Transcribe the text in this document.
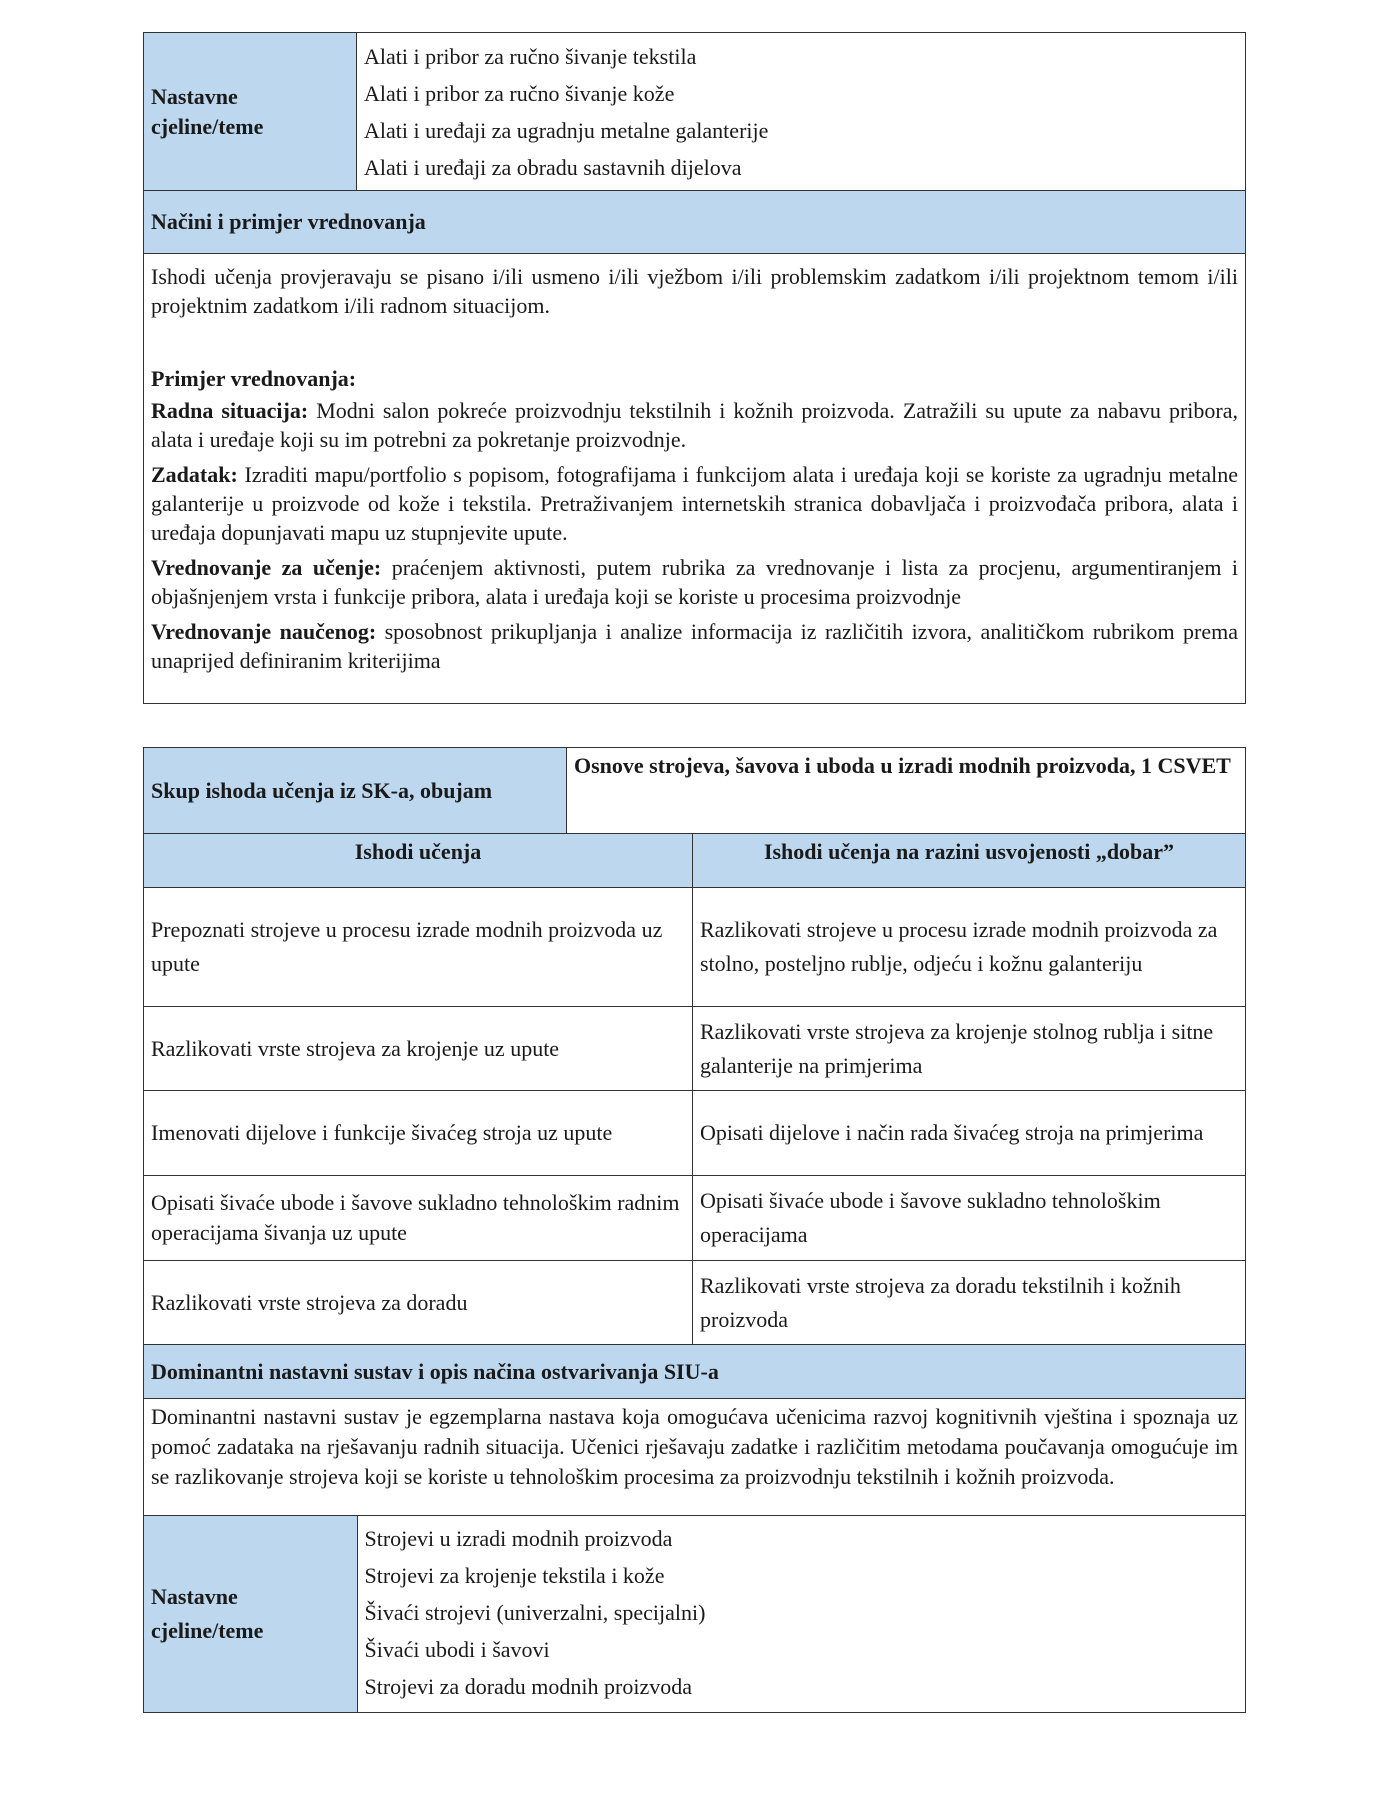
Nastavne cjeline/teme	
Alati i pribor za ručno šivanje tekstila
Alati i pribor za ručno šivanje kože
Alati i uređaji za ugradnju metalne galanterije
Alati i uređaji za obradu sastavnih dijelova

Načini i primjer vrednovanja

Ishodi učenja provjeravaju se pisano i/ili usmeno i/ili vježbom i/ili problemskim zadatkom i/ili projektnom temom i/ili projektnim zadatkom i/ili radnom situacijom.

Primjer vrednovanja:

Radna situacija: Modni salon pokreće proizvodnju tekstilnih i kožnih proizvoda. Zatražili su upute za nabavu pribora, alata i uređaje koji su im potrebni za pokretanje proizvodnje.

Zadatak: Izraditi mapu/portfolio s popisom, fotografijama i funkcijom alata i uređaja koji se koriste za ugradnju metalne galanterije u proizvode od kože i tekstila. Pretraživanjem internetskih stranica dobavljača i proizvođača pribora, alata i uređaja dopunjavati mapu uz stupnjevite upute.

Vrednovanje za učenje: praćenjem aktivnosti, putem rubrika za vrednovanje i lista za procjenu, argumentiranjem i objašnjenjem vrsta i funkcije pribora, alata i uređaja koji se koriste u procesima proizvodnje

Vrednovanje naučenog: sposobnost prikupljanja i analize informacija iz različitih izvora, analitičkom rubrikom prema unaprijed definiranim kriterijima

Skup ishoda učenja iz SK-a, obujam	Osnove strojeva, šavova i uboda u izradi modnih proizvoda, 1 CSVET
Ishodi učenja	Ishodi učenja na razini usvojenosti „dobar”
Prepoznati strojeve u procesu izrade modnih proizvoda uz upute	Razlikovati strojeve u procesu izrade modnih proizvoda za stolno, posteljno rublje, odjeću i kožnu galanteriju
Razlikovati vrste strojeva za krojenje uz upute	Razlikovati vrste strojeva za krojenje stolnog rublja i sitne galanterije na primjerima
Imenovati dijelove i funkcije šivaćeg stroja uz upute	Opisati dijelove i način rada šivaćeg stroja na primjerima
Opisati šivaće ubode i šavove sukladno tehnološkim radnim operacijama šivanja uz upute	Opisati šivaće ubode i šavove sukladno tehnološkim operacijama
Razlikovati vrste strojeva za doradu	Razlikovati vrste strojeva za doradu tekstilnih i kožnih proizvoda
Dominantni nastavni sustav i opis načina ostvarivanja SIU-a
Dominantni nastavni sustav je egzemplarna nastava koja omogućava učenicima razvoj kognitivnih vještina i spoznaja uz pomoć zadataka na rješavanju radnih situacija. Učenici rješavaju zadatke i različitim metodama poučavanja omogućuje im se razlikovanje strojeva koji se koriste u tehnološkim procesima za proizvodnju tekstilnih i kožnih proizvoda.

Nastavne cjeline/teme	
Strojevi u izradi modnih proizvoda
Strojevi za krojenje tekstila i kože
Šivaći strojevi (univerzalni, specijalni)
Šivaći ubodi i šavovi
Strojevi za doradu modnih proizvoda
